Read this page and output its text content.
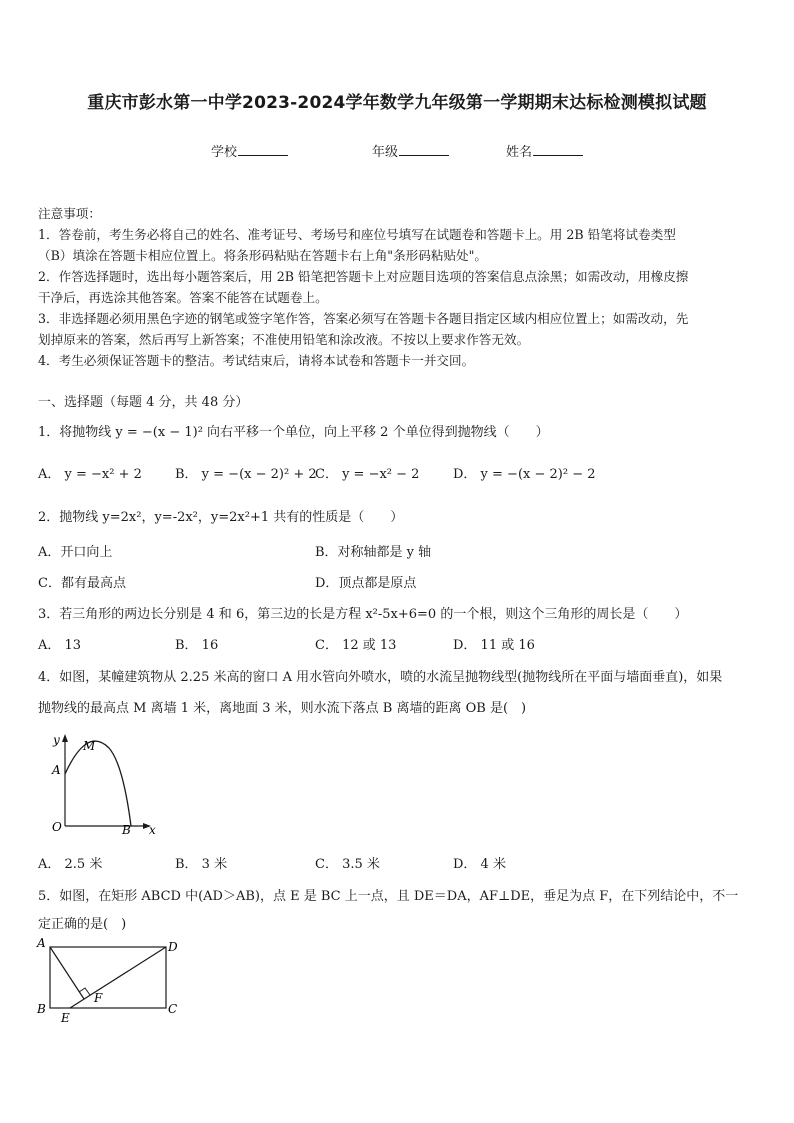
重庆市彭水第一中学2023-2024学年数学九年级第一学期期末达标检测模拟试题
学校	年级	姓名
注意事项：
1．答卷前，考生务必将自己的姓名、准考证号、考场号和座位号填写在试题卷和答题卡上。用 2B 铅笔将试卷类型
（B）填涂在答题卡相应位置上。将条形码粘贴在答题卡右上角"条形码粘贴处"。
2．作答选择题时，选出每小题答案后，用 2B 铅笔把答题卡上对应题目选项的答案信息点涂黑；如需改动，用橡皮擦
干净后，再选涂其他答案。答案不能答在试题卷上。
3．非选择题必须用黑色字迹的钢笔或签字笔作答，答案必须写在答题卡各题目指定区域内相应位置上；如需改动，先
划掉原来的答案，然后再写上新答案；不准使用铅笔和涂改液。不按以上要求作答无效。
4．考生必须保证答题卡的整洁。考试结束后，请将本试卷和答题卡一并交回。
一、选择题（每题 4 分，共 48 分）
1．将抛物线 y = −(x − 1)² 向右平移一个单位，向上平移 2 个单位得到抛物线（　　）
A． y = −x² + 2	B． y = −(x − 2)² + 2
C． y = −x² − 2	D． y = −(x − 2)² − 2
2．抛物线 y=2x²，y=-2x²，y=2x²+1 共有的性质是（　　）
A．开口向上	B．对称轴都是 y 轴
C．都有最高点	D．顶点都是原点
3．若三角形的两边长分别是 4 和 6，第三边的长是方程 x²-5x+6=0 的一个根，则这个三角形的周长是（　　）
A． 13	B． 16	C． 12 或 13	D． 11 或 16
4．如图，某幢建筑物从 2.25 米高的窗口 A 用水管向外喷水，喷的水流呈抛物线型(抛物线所在平面与墙面垂直)，如果
抛物线的最高点 M 离墙 1 米，离地面 3 米，则水流下落点 B 离墙的距离 OB 是(　)
y
x
O
A
M
B
A． 2.5 米	B． 3 米	C． 3.5 米	D． 4 米
5．如图，在矩形 ABCD 中(AD＞AB)，点 E 是 BC 上一点，且 DE＝DA，AF⊥DE，垂足为点 F，在下列结论中，不一
定正确的是(　)
A	D
B	C
E
F
